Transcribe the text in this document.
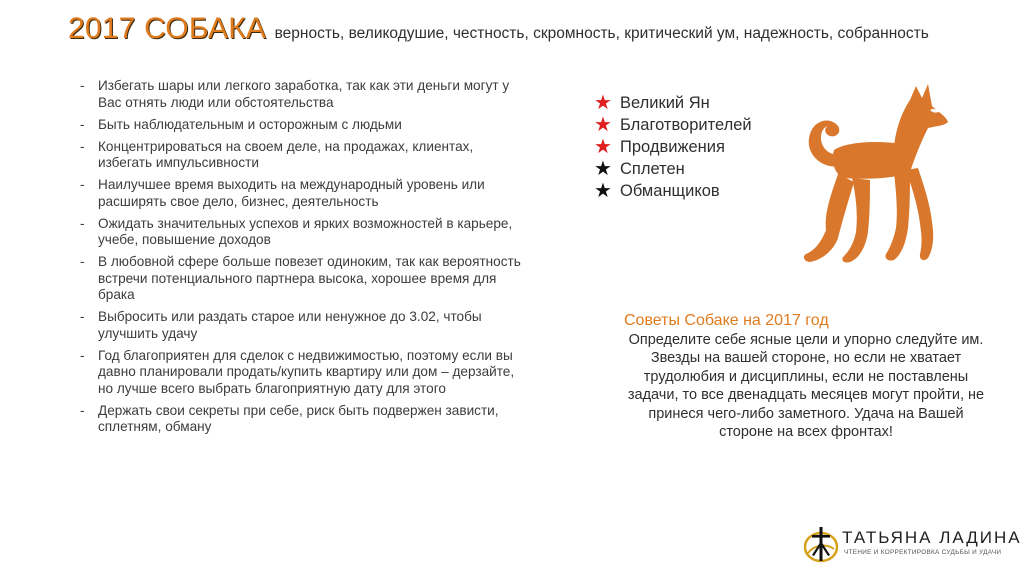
2017 СОБАКА верность, великодушие, честность, скромность, критический ум, надежность, собранность
- Избегать шары или легкого заработка, так как эти деньги могут у Вас отнять люди или обстоятельства
- Быть наблюдательным и осторожным с людьми
- Концентрироваться на своем деле, на продажах, клиентах, избегать импульсивности
- Наилучшее время выходить на международный уровень или расширять свое дело, бизнес, деятельность
- Ожидать значительных успехов и ярких возможностей в карьере, учебе, повышение доходов
- В любовной сфере больше повезет одиноким, так как вероятность встречи потенциального партнера высока, хорошее время для брака
- Выбросить или раздать старое или ненужное до 3.02, чтобы улучшить удачу
- Год благоприятен для сделок с недвижимостью, поэтому если вы давно планировали продать/купить квартиру или дом – дерзайте, но лучше всего выбрать благоприятную дату для этого
- Держать свои секреты при себе, риск быть подвержен зависти, сплетням, обману
★ Великий Ян
★ Благотворителей
★ Продвижения
★ Сплетен
★ Обманщиков
Советы Собаке на 2017 год
Определите себе ясные цели и упорно следуйте им. Звезды на вашей стороне, но если не хватает трудолюбия и дисциплины, если не поставлены задачи, то все двенадцать месяцев могут пройти, не принеся чего-либо заметного. Удача на Вашей стороне на всех фронтах!
ТАТЬЯНА ЛАДИНА
ЧТЕНИЕ И КОРРЕКТИРОВКА СУДЬБЫ И УДАЧИ
